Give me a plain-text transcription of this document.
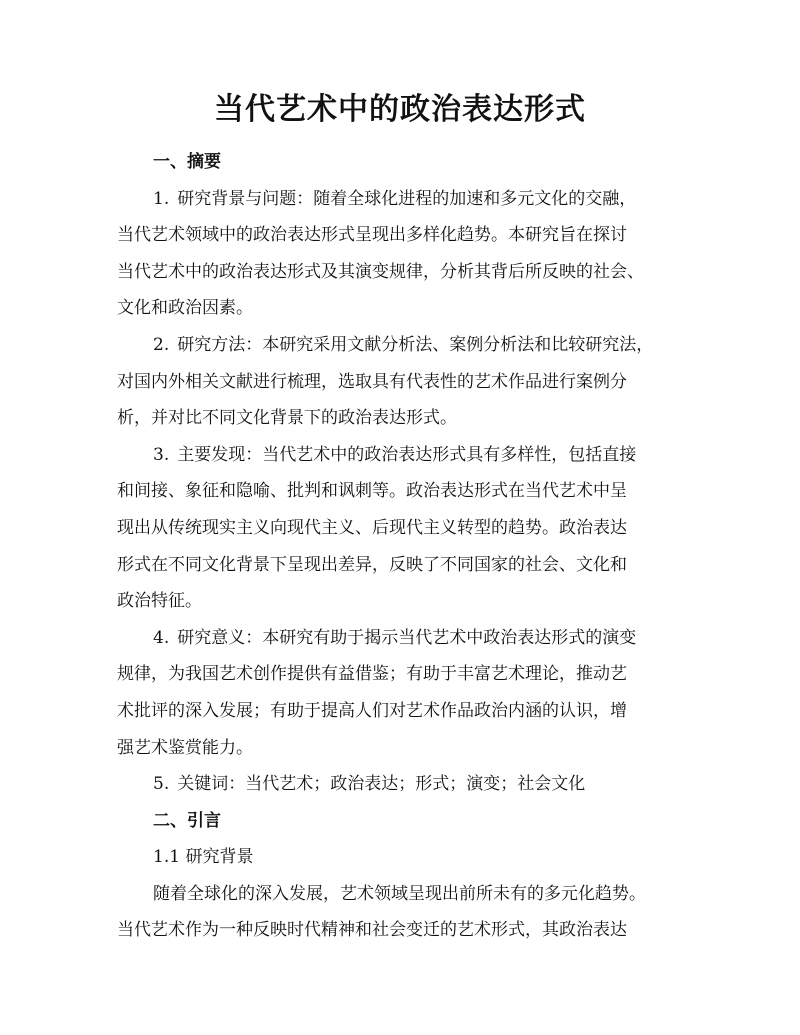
当代艺术中的政治表达形式
一、摘要
1. 研究背景与问题：随着全球化进程的加速和多元文化的交融，
当代艺术领域中的政治表达形式呈现出多样化趋势。本研究旨在探讨
当代艺术中的政治表达形式及其演变规律，分析其背后所反映的社会、
文化和政治因素。
2. 研究方法：本研究采用文献分析法、案例分析法和比较研究法，
对国内外相关文献进行梳理，选取具有代表性的艺术作品进行案例分
析，并对比不同文化背景下的政治表达形式。
3. 主要发现：当代艺术中的政治表达形式具有多样性，包括直接
和间接、象征和隐喻、批判和讽刺等。政治表达形式在当代艺术中呈
现出从传统现实主义向现代主义、后现代主义转型的趋势。政治表达
形式在不同文化背景下呈现出差异，反映了不同国家的社会、文化和
政治特征。
4. 研究意义：本研究有助于揭示当代艺术中政治表达形式的演变
规律，为我国艺术创作提供有益借鉴；有助于丰富艺术理论，推动艺
术批评的深入发展；有助于提高人们对艺术作品政治内涵的认识，增
强艺术鉴赏能力。
5. 关键词：当代艺术；政治表达；形式；演变；社会文化
二、引言
1.1 研究背景
随着全球化的深入发展，艺术领域呈现出前所未有的多元化趋势。
当代艺术作为一种反映时代精神和社会变迁的艺术形式，其政治表达
